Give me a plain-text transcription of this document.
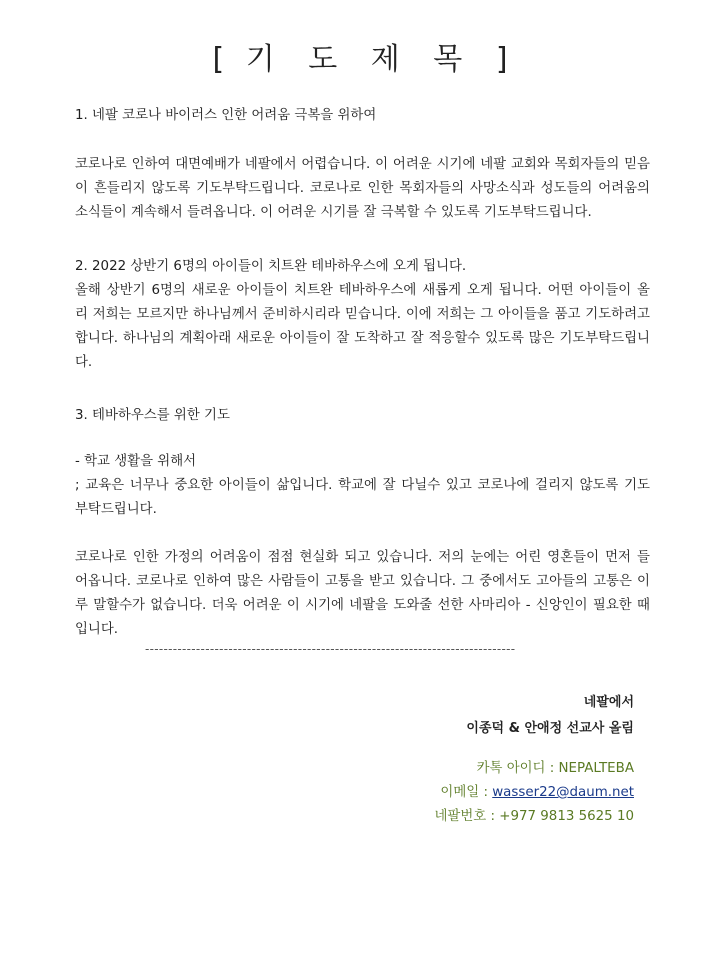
[ 기 도 제 목 ]

1. 네팔 코로나 바이러스 인한 어려움 극복을 위하여

코로나로 인하여 대면예배가 네팔에서 어렵습니다. 이 어려운 시기에 네팔 교회와 목회자들의 믿음
이 흔들리지 않도록 기도부탁드립니다. 코로나로 인한 목회자들의 사망소식과 성도들의 어려움의
소식들이 계속해서 들려옵니다. 이 어려운 시기를 잘 극복할 수 있도록 기도부탁드립니다.

2. 2022 상반기 6명의 아이들이 치트완 테바하우스에 오게 됩니다.

올해 상반기 6명의 새로운 아이들이 치트완 테바하우스에 새롭게 오게 됩니다. 어떤 아이들이 올
리 저희는 모르지만 하나님께서 준비하시리라 믿습니다. 이에 저희는 그 아이들을 품고 기도하려고
합니다. 하나님의 계획아래 새로운 아이들이 잘 도착하고 잘 적응할수 있도록 많은 기도부탁드립니
다.

3. 테바하우스를 위한 기도

- 학교 생활을 위해서

; 교육은 너무나 중요한 아이들이 삶입니다. 학교에 잘 다닐수 있고 코로나에 걸리지 않도록 기도
부탁드립니다.

코로나로 인한 가정의 어려움이 점점 현실화 되고 있습니다. 저의 눈에는 어린 영혼들이 먼저 들
어옵니다. 코로나로 인하여 많은 사람들이 고통을 받고 있습니다. 그 중에서도 고아들의 고통은 이
루 말할수가 없습니다. 더욱 어려운 이 시기에 네팔을 도와줄 선한 사마리아 - 신앙인이 필요한 때
입니다.

--------------------------------------------------------------------------------
네팔에서
이종덕 & 안애정 선교사 올림
카톡 아이디 : NEPALTEBA
이메일 : wasser22@daum.net
네팔번호 : +977 9813 5625 10
